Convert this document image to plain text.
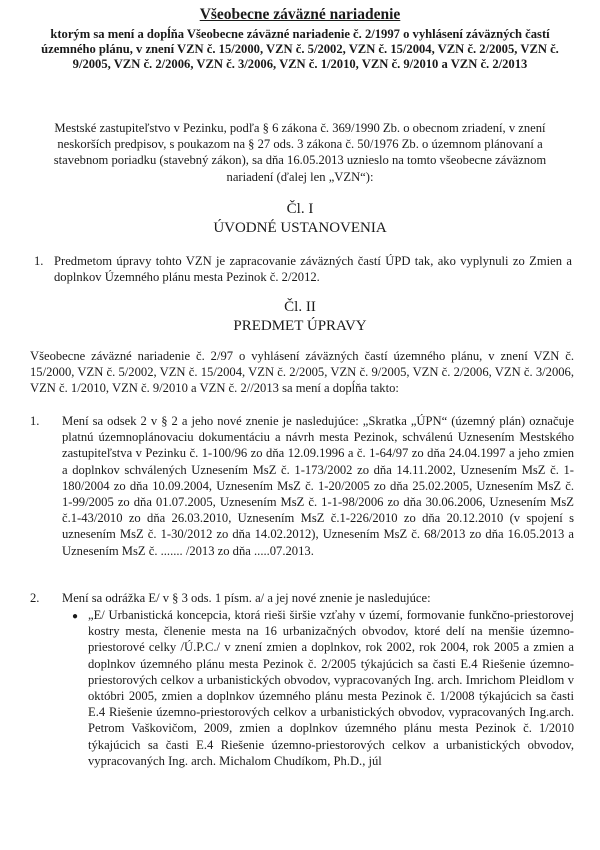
Všeobecne záväzné nariadenie
ktorým sa mení a dopĺňa Všeobecne záväzné nariadenie č. 2/1997 o vyhlásení záväzných častí územného plánu, v znení VZN č. 15/2000, VZN č. 5/2002, VZN č. 15/2004, VZN č. 2/2005, VZN č. 9/2005, VZN č. 2/2006, VZN č. 3/2006, VZN č. 1/2010, VZN č. 9/2010 a VZN č. 2/2013
Mestské zastupiteľstvo v Pezinku, podľa § 6 zákona č. 369/1990 Zb. o obecnom zriadení, v znení neskorších predpisov, s poukazom na § 27 ods. 3 zákona č. 50/1976 Zb. o územnom plánovaní a stavebnom poriadku (stavebný zákon), sa dňa 16.05.2013 uznieslo na tomto všeobecne záväznom nariadení (ďalej len „VZN“):
Čl. I
ÚVODNÉ USTANOVENIA
1. Predmetom úpravy tohto VZN je zapracovanie záväzných častí ÚPD tak, ako vyplynuli zo Zmien a doplnkov Územného plánu mesta Pezinok č. 2/2012.
Čl. II
PREDMET ÚPRAVY
Všeobecne záväzné nariadenie č. 2/97 o vyhlásení záväzných častí územného plánu, v znení VZN č. 15/2000, VZN č. 5/2002, VZN č. 15/2004, VZN č. 2/2005, VZN č. 9/2005, VZN č. 2/2006, VZN č. 3/2006, VZN č. 1/2010, VZN č. 9/2010 a VZN č. 2//2013 sa mení a dopĺňa takto:
1. Mení sa odsek 2 v § 2 a jeho nové znenie je nasledujúce: „Skratka „ÚPN“ (územný plán) označuje platnú územnoplánovaciu dokumentáciu a návrh mesta Pezinok, schválenú Uznesením Mestského zastupiteľstva v Pezinku č. 1-100/96 zo dňa 12.09.1996 a č. 1-64/97 zo dňa 24.04.1997 a jeho zmien a doplnkov schválených Uznesením MsZ č. 1-173/2002 zo dňa 14.11.2002, Uznesením MsZ č. 1-180/2004 zo dňa 10.09.2004, Uznesením MsZ č. 1-20/2005 zo dňa 25.02.2005, Uznesením MsZ č. 1-99/2005 zo dňa 01.07.2005, Uznesením MsZ č. 1-1-98/2006 zo dňa 30.06.2006, Uznesením MsZ č.1-43/2010 zo dňa 26.03.2010, Uznesením MsZ č.1-226/2010 zo dňa 20.12.2010 (v spojení s uznesením MsZ č. 1-30/2012 zo dňa 14.02.2012), Uznesením MsZ č. 68/2013 zo dňa 16.05.2013 a Uznesením MsZ č. ....... /2013 zo dňa .....07.2013.
2. Mení sa odrážka E/ v § 3 ods. 1 písm. a/ a jej nové znenie je nasledujúce:
● „E/ Urbanistická koncepcia, ktorá rieši širšie vzťahy v území, formovanie funkčno-priestorovej kostry mesta, členenie mesta na 16 urbanizačných obvodov, ktoré delí na menšie územno-priestorové celky /Ú.P.C./ v znení zmien a doplnkov, rok 2002, rok 2004, rok 2005 a zmien a doplnkov územného plánu mesta Pezinok č. 2/2005 týkajúcich sa časti E.4 Riešenie územno-priestorových celkov a urbanistických obvodov, vypracovaných Ing. arch. Imrichom Pleidlom v októbri 2005, zmien a doplnkov územného plánu mesta Pezinok č. 1/2008 týkajúcich sa časti E.4 Riešenie územno-priestorových celkov a urbanistických obvodov, vypracovaných Ing.arch. Petrom Vaškovičom, 2009, zmien a doplnkov územného plánu mesta Pezinok č. 1/2010 týkajúcich sa časti E.4 Riešenie územno-priestorových celkov a urbanistických obvodov, vypracovaných Ing. arch. Michalom Chudíkom, Ph.D., júl
